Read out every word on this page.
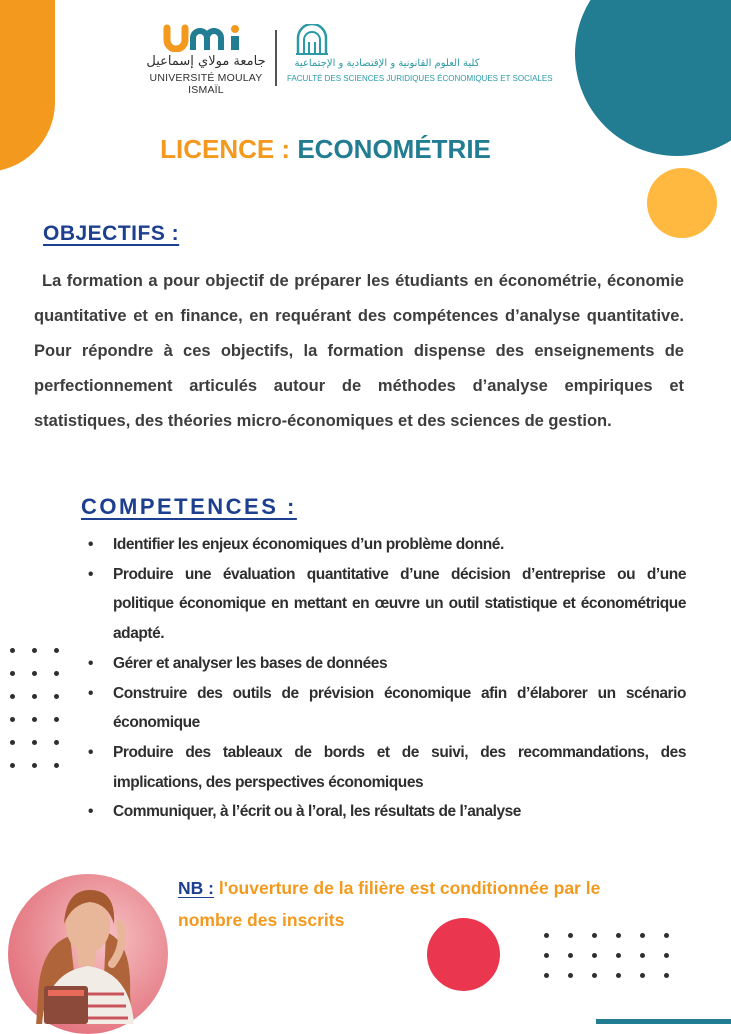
جامعة مولاي إسماعيل
UNIVERSITÉ MOULAY ISMAÏL
كلية العلوم القانونية و الإقتصادية و الإجتماعية
FACULTÉ DES SCIENCES JURIDIQUES ÉCONOMIQUES ET SOCIALES
LICENCE : ECONOMÉTRIE
OBJECTIFS :

La formation a pour objectif de préparer les étudiants en économétrie, économie quantitative et en finance, en requérant des compétences d’analyse quantitative. Pour répondre à ces objectifs, la formation dispense des enseignements de perfectionnement articulés autour de méthodes d’analyse empiriques et statistiques, des théories micro-économiques et des sciences de gestion.

COMPETENCES :
• Identifier les enjeux économiques d’un problème donné.
• Produire une évaluation quantitative d’une décision d’entreprise ou d’une politique économique en mettant en œuvre un outil statistique et économétrique adapté.
• Gérer et analyser les bases de données
• Construire des outils de prévision économique afin d’élaborer un scénario économique
• Produire des tableaux de bords et de suivi, des recommandations, des implications, des perspectives économiques
• Communiquer, à l’écrit ou à l’oral, les résultats de l’analyse
NB : l'ouverture de la filière est conditionnée par le nombre des inscrits
